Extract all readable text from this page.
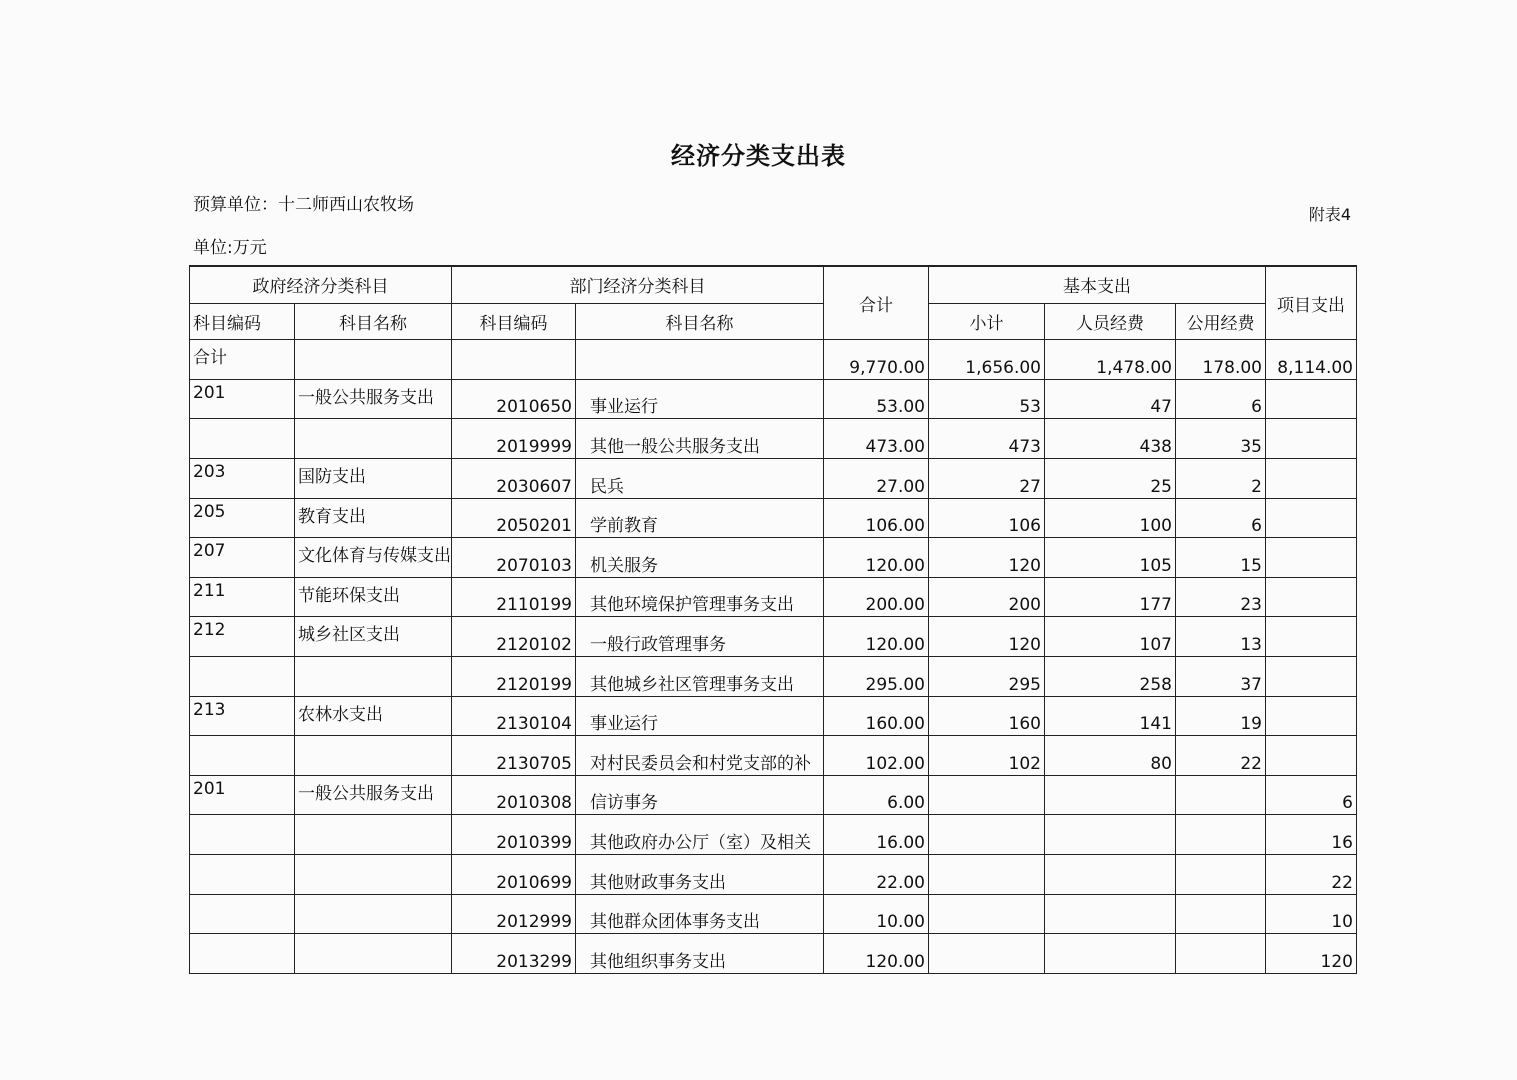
经济分类支出表
预算单位：十二师西山农牧场	附表4
单位:万元
政府经济分类科目		部门经济分类科目		合计	基本支出			项目支出
科目编码	科目名称	科目编码	科目名称		小计	人员经费	公用经费	
合计				9,770.00	1,656.00	1,478.00	178.00	8,114.00
201	一般公共服务支出	2010650	事业运行	53.00	53	47	6	
		2019999	其他一般公共服务支出	473.00	473	438	35	
203	国防支出	2030607	民兵	27.00	27	25	2	
205	教育支出	2050201	学前教育	106.00	106	100	6	
207	文化体育与传媒支出	2070103	机关服务	120.00	120	105	15	
211	节能环保支出	2110199	其他环境保护管理事务支出	200.00	200	177	23	
212	城乡社区支出	2120102	一般行政管理事务	120.00	120	107	13	
		2120199	其他城乡社区管理事务支出	295.00	295	258	37	
213	农林水支出	2130104	事业运行	160.00	160	141	19	
		2130705	对村民委员会和村党支部的补	102.00	102	80	22	
201	一般公共服务支出	2010308	信访事务	6.00				6
		2010399	其他政府办公厅（室）及相关	16.00				16
		2010699	其他财政事务支出	22.00				22
		2012999	其他群众团体事务支出	10.00				10
		2013299	其他组织事务支出	120.00				120
